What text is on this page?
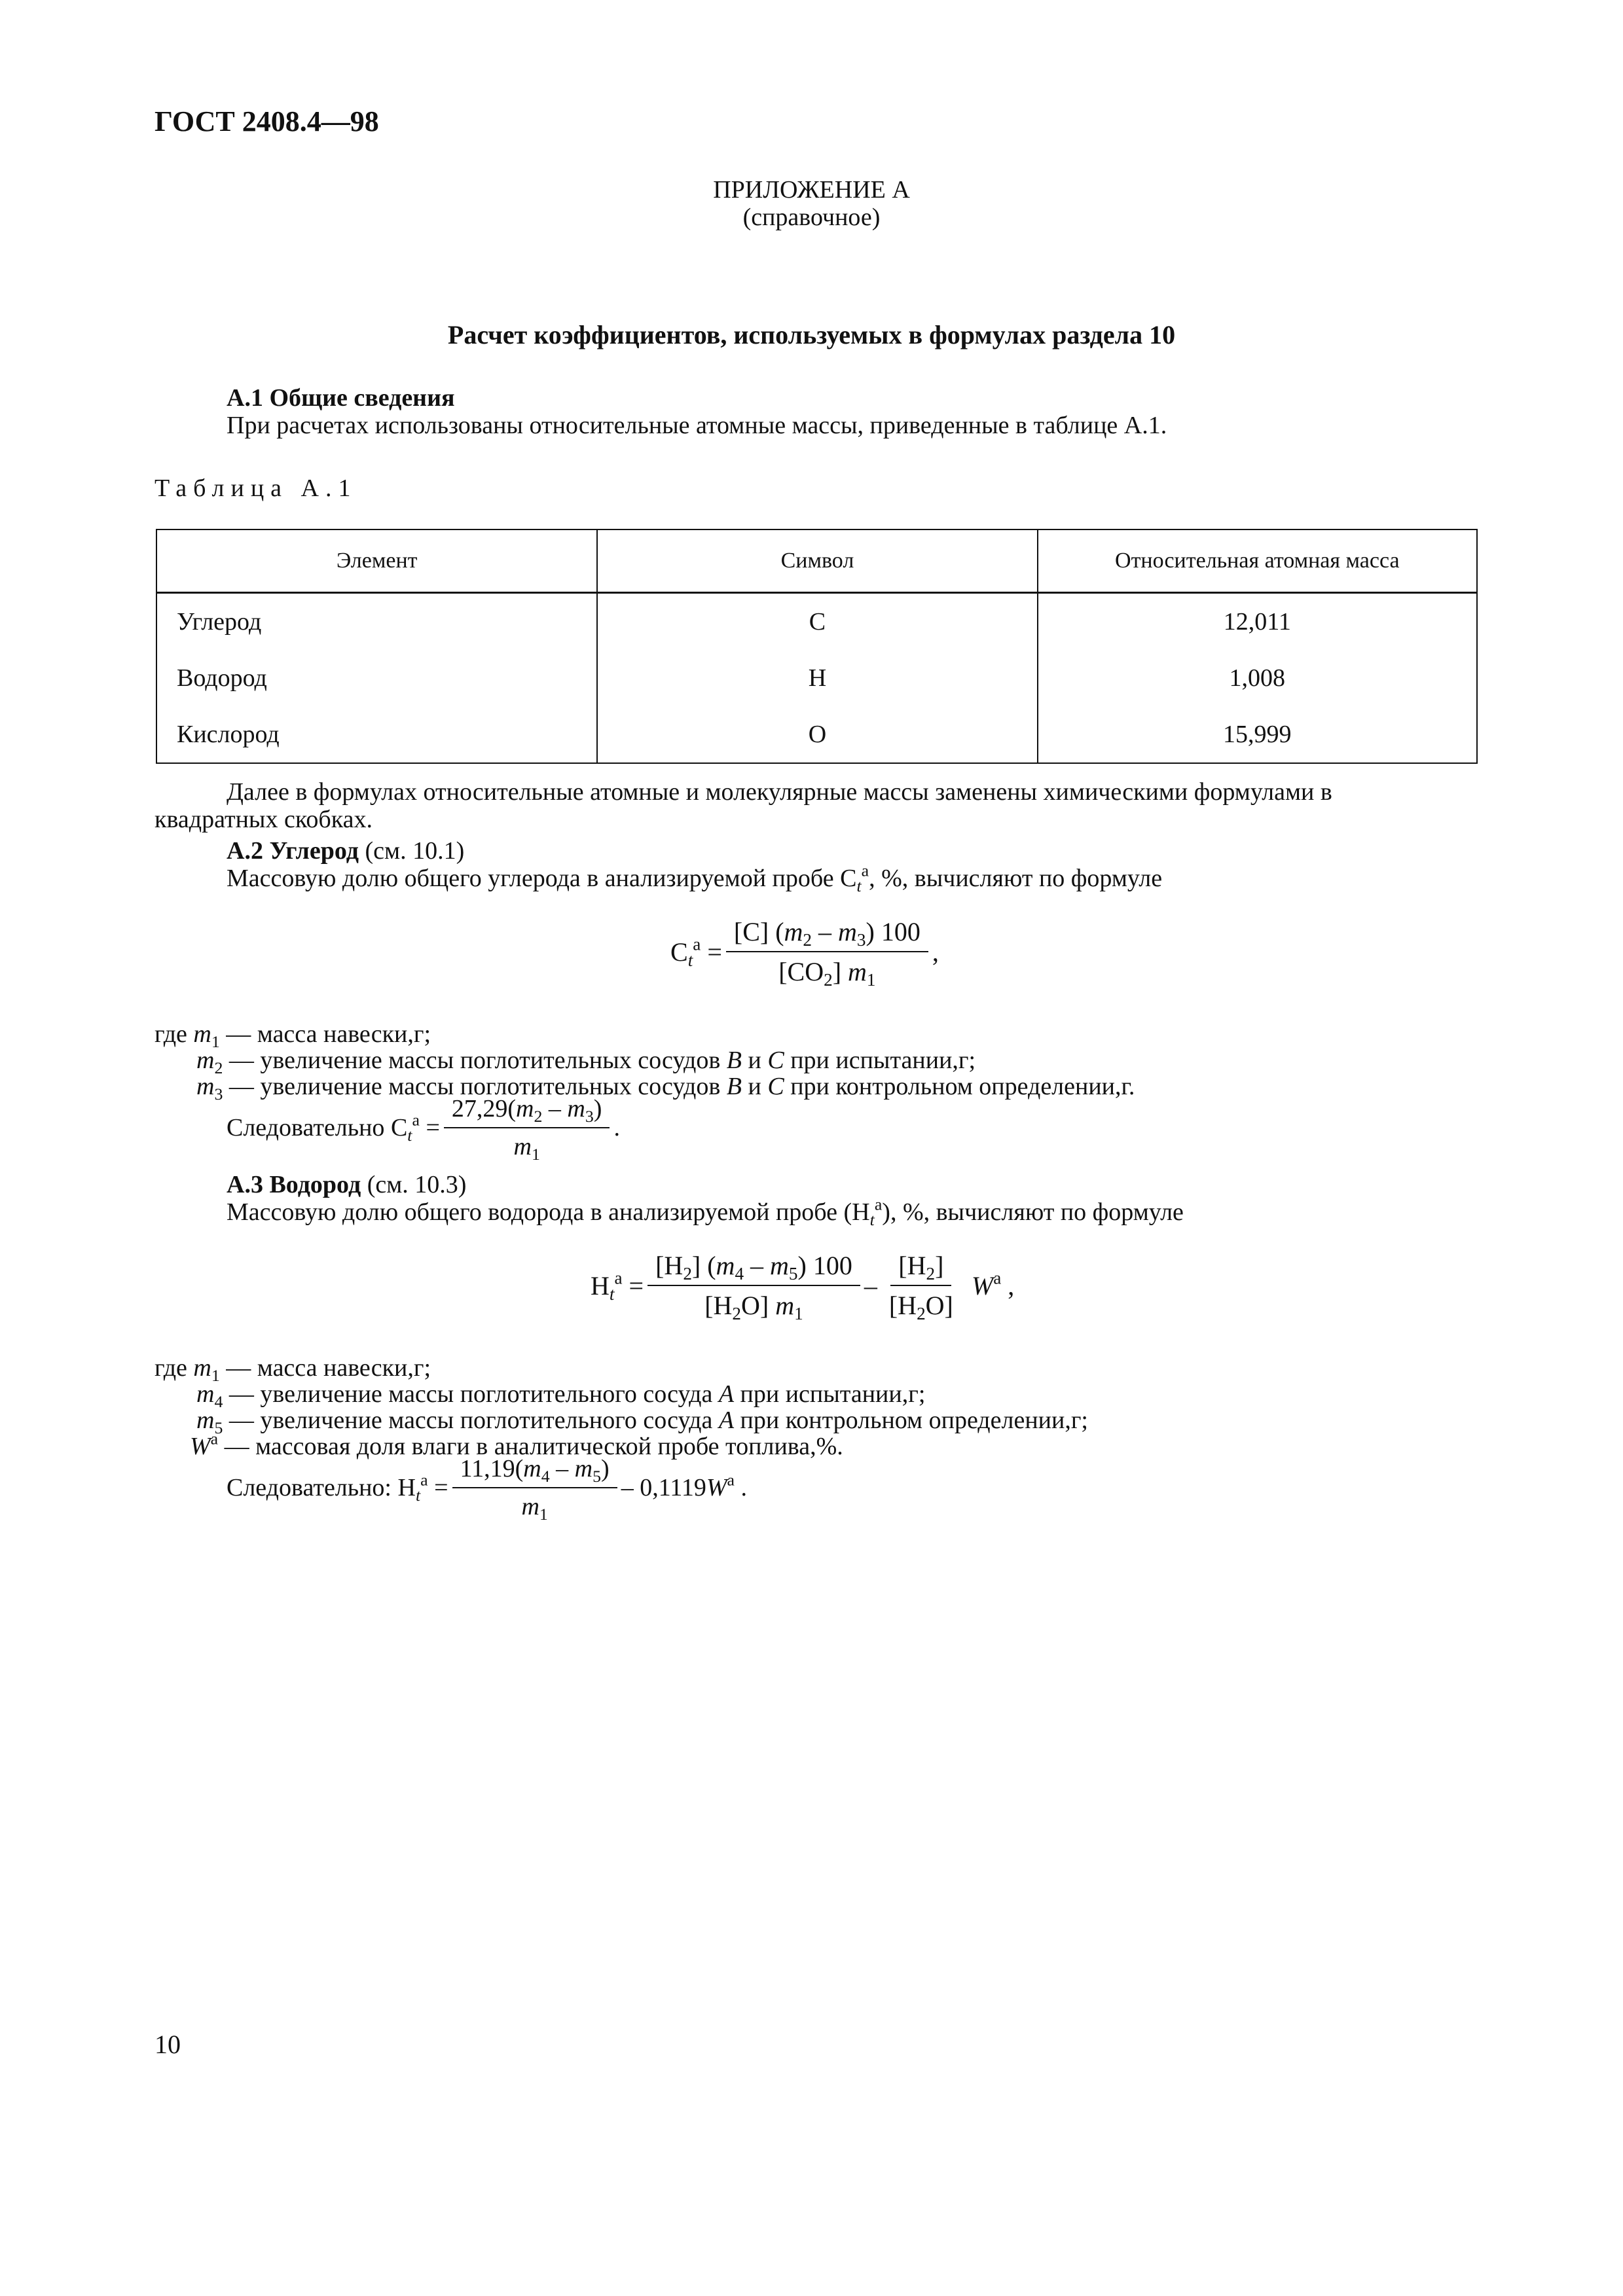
ГОСТ 2408.4—98
ПРИЛОЖЕНИЕ А
(справочное)
Расчет коэффициентов, используемых в формулах раздела 10
А.1 Общие сведения
При расчетах использованы относительные атомные массы, приведенные в таблице А.1.
Таблица А.1
Элемент	Символ	Относительная атомная масса
Углерод	C	12,011
Водород	H	1,008
Кислород	O	15,999
Далее в формулах относительные атомные и молекулярные массы заменены химическими формулами в
квадратных скобках.
А.2 Углерод (см. 10.1)
Массовую долю общего углерода в анализируемой пробе $C_t^a$, %, вычисляют по формуле
$C_t^a = \frac{[C] (m_2 - m_3) 100}{[CO_2] m_1}$ ,
где $m_1$ — масса навески,г;
$m_2$ — увеличение массы поглотительных сосудов B и C при испытании,г;
$m_3$ — увеличение массы поглотительных сосудов B и C при контрольном определении,г.
Следовательно
$C_t^a = \frac{27,29(m_2 - m_3)}{m_1}$ .
А.3 Водород (см. 10.3)
Массовую долю общего водорода в анализируемой пробе $(H_t^a)$, %, вычисляют по формуле
$H_t^a = \frac{[H_2] (m_4 - m_5) 100}{[H_2O] m_1} - \frac{[H_2]}{[H_2O]} W^a$ ,
где $m_1$ — масса навески,г;
$m_4$ — увеличение массы поглотительного сосуда A при испытании,г;
$m_5$ — увеличение массы поглотительного сосуда A при контрольном определении,г;
$W^a$ — массовая доля влаги в аналитической пробе топлива,%.
Следовательно:
$H_t^a = \frac{11,19(m_4 - m_5)}{m_1} - 0,1119W^a$ .
10
